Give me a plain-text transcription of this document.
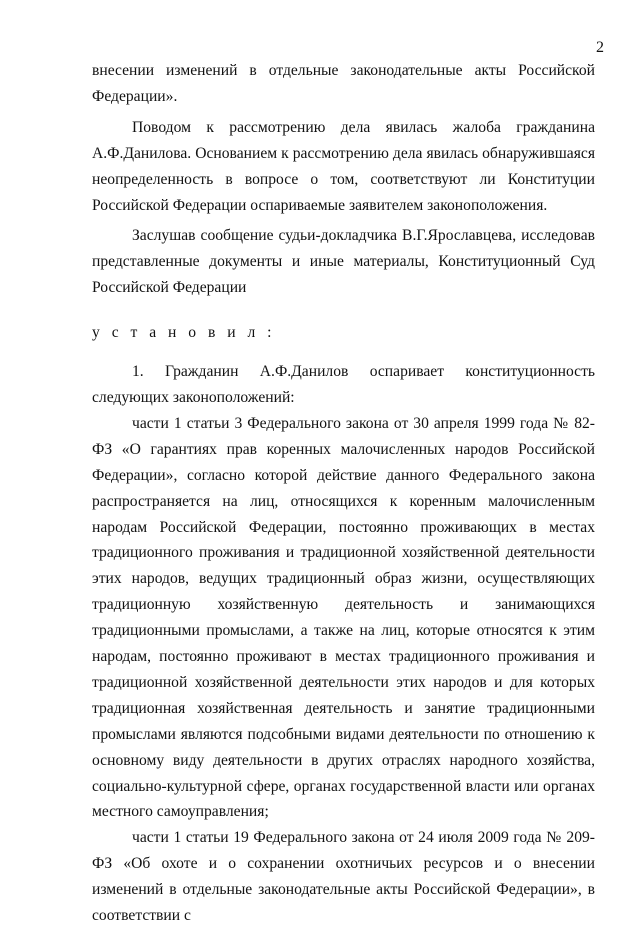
2

внесении изменений в отдельные законодательные акты Российской Федерации».

Поводом к рассмотрению дела явилась жалоба гражданина А.Ф.Данилова. Основанием к рассмотрению дела явилась обнаружившаяся неопределенность в вопросе о том, соответствуют ли Конституции Российской Федерации оспариваемые заявителем законоположения.

Заслушав сообщение судьи-докладчика В.Г.Ярославцева, исследовав представленные документы и иные материалы, Конституционный Суд Российской Федерации

у с т а н о в и л :

1. Гражданин А.Ф.Данилов оспаривает конституционность следующих законоположений:

части 1 статьи 3 Федерального закона от 30 апреля 1999 года № 82-ФЗ «О гарантиях прав коренных малочисленных народов Российской Федерации», согласно которой действие данного Федерального закона распространяется на лиц, относящихся к коренным малочисленным народам Российской Федерации, постоянно проживающих в местах традиционного проживания и традиционной хозяйственной деятельности этих народов, ведущих традиционный образ жизни, осуществляющих традиционную хозяйственную деятельность и занимающихся традиционными промыслами, а также на лиц, которые относятся к этим народам, постоянно проживают в местах традиционного проживания и традиционной хозяйственной деятельности этих народов и для которых традиционная хозяйственная деятельность и занятие традиционными промыслами являются подсобными видами деятельности по отношению к основному виду деятельности в других отраслях народного хозяйства, социально-культурной сфере, органах государственной власти или органах местного самоуправления;

части 1 статьи 19 Федерального закона от 24 июля 2009 года № 209-ФЗ «Об охоте и о сохранении охотничьих ресурсов и о внесении изменений в отдельные законодательные акты Российской Федерации», в соответствии с
